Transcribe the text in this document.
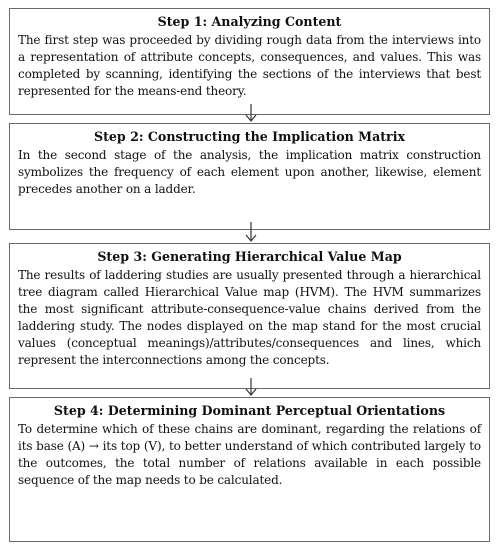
Step 1: Analyzing Content

The first step was proceeded by dividing rough data from the interviews into a representation of attribute concepts, consequences, and values. This was completed by scanning, identifying the sections of the interviews that best represented for the means-end theory.

Step 2: Constructing the Implication Matrix

In the second stage of the analysis, the implication matrix construction symbolizes the frequency of each element upon another, likewise, element precedes another on a ladder.

Step 3: Generating Hierarchical Value Map

The results of laddering studies are usually presented through a hierarchical tree diagram called Hierarchical Value map (HVM). The HVM summarizes the most significant attribute-consequence-value chains derived from the laddering study. The nodes displayed on the map stand for the most crucial values (conceptual meanings)/attributes/consequences and lines, which represent the interconnections among the concepts.

Step 4: Determining Dominant Perceptual Orientations

To determine which of these chains are dominant, regarding the relations of its base (A) → its top (V), to better understand of which contributed largely to the outcomes, the total number of relations available in each possible sequence of the map needs to be calculated.
